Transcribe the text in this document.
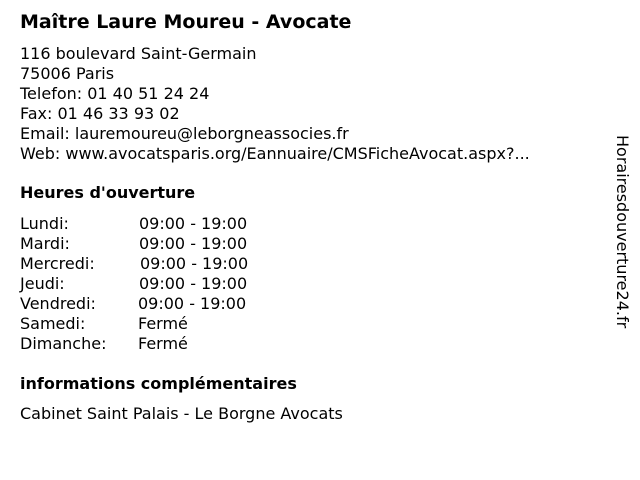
Maître Laure Moureu - Avocate
116 boulevard Saint-Germain
75006 Paris
Telefon: 01 40 51 24 24
Fax: 01 46 33 93 02
Email: lauremoureu@leborgneassocies.fr
Web: www.avocatsparis.org/Eannuaire/CMSFicheAvocat.aspx?...
Heures d'ouverture
Lundi:	09:00 - 19:00
Mardi:	09:00 - 19:00
Mercredi:	09:00 - 19:00
Jeudi:	09:00 - 19:00
Vendredi:	09:00 - 19:00
Samedi:	Fermé
Dimanche: Fermé
informations complémentaires
Cabinet Saint Palais - Le Borgne Avocats
Horairesdouverture24.fr
